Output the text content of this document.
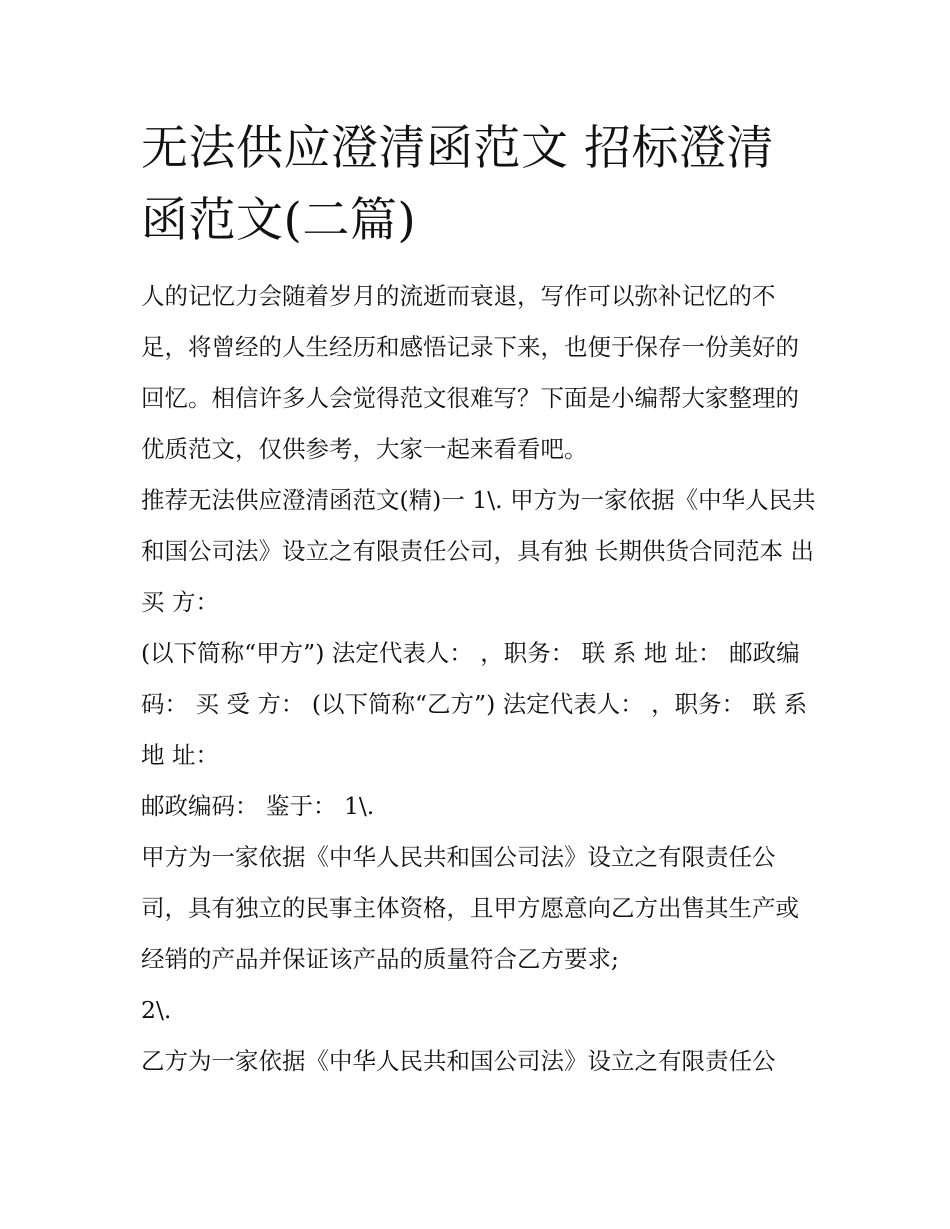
无法供应澄清函范文 招标澄清函范文(二篇)

人的记忆力会随着岁月的流逝而衰退，写作可以弥补记忆的不足，将曾经的人生经历和感悟记录下来，也便于保存一份美好的回忆。相信许多人会觉得范文很难写？下面是小编帮大家整理的优质范文，仅供参考，大家一起来看看吧。

推荐无法供应澄清函范文(精)一 1\. 甲方为一家依据《中华人民共和国公司法》设立之有限责任公司，具有独 长期供货合同范本 出 买 方：

(以下简称“甲方”) 法定代表人： ，职务： 联 系 地 址： 邮政编码： 买 受 方： (以下简称“乙方”) 法定代表人： ，职务： 联 系 地 址：

邮政编码： 鉴于： 1\.

甲方为一家依据《中华人民共和国公司法》设立之有限责任公司，具有独立的民事主体资格，且甲方愿意向乙方出售其生产或经销的产品并保证该产品的质量符合乙方要求;

2\.

乙方为一家依据《中华人民共和国公司法》设立之有限责任公
